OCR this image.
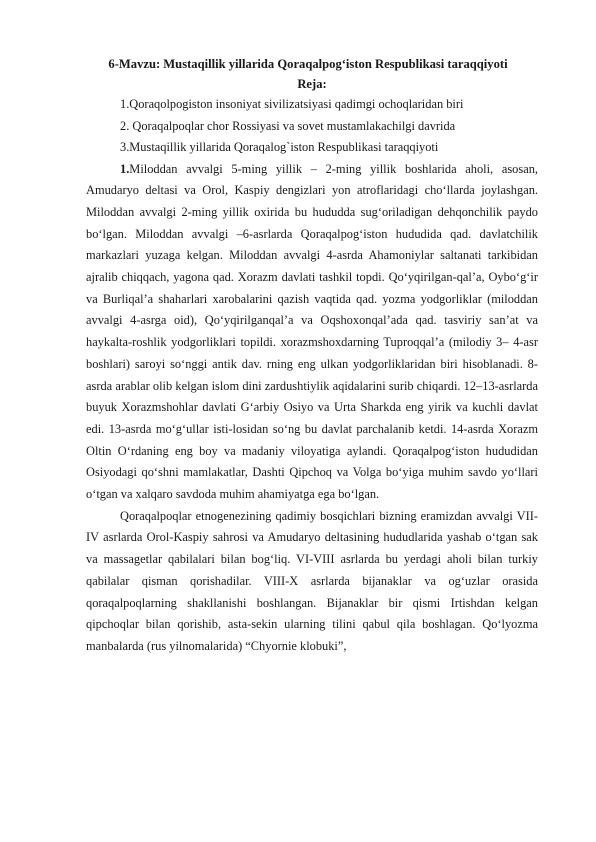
6-Mavzu: Mustaqillik yillarida Qoraqalpog‘iston Respublikasi taraqqiyoti
Reja:
1.Qoraqolpogiston insoniyat sivilizatsiyasi qadimgi ochoqlaridan biri
2. Qoraqalpoqlar chor Rossiyasi va sovet mustamlakachilgi davrida
3.Mustaqillik yillarida Qoraqalog`iston Respublikasi taraqqiyoti

1.Miloddan avvalgi 5-ming yillik – 2-ming yillik boshlarida aholi, asosan, Amudaryo deltasi va Orol, Kaspiy dengizlari yon atroflaridagi cho‘llarda joylashgan. Miloddan avvalgi 2-ming yillik oxirida bu hududda sug‘oriladigan dehqonchilik paydo bo‘lgan. Miloddan avvalgi –6-asrlarda Qoraqalpog‘iston hududida qad. davlatchilik markazlari yuzaga kelgan. Miloddan avvalgi 4-asrda Ahamoniylar saltanati tarkibidan ajralib chiqqach, yagona qad. Xorazm davlati tashkil topdi. Qo‘yqirilgan-qal’a, Oybo‘g‘ir va Burliqal’a shaharlari xarobalarini qazish vaqtida qad. yozma yodgorliklar (miloddan avvalgi 4-asrga oid), Qo‘yqirilganqal’a va Oqshoxonqal’ada qad. tasviriy san’at va haykalta-roshlik yodgorliklari topildi. xorazmshoxdarning Tuproqqal’a (milodiy 3– 4-asr boshlari) saroyi so‘nggi antik dav. rning eng ulkan yodgorliklaridan biri hisoblanadi. 8-asrda arablar olib kelgan islom dini zardushtiylik aqidalarini surib chiqardi. 12–13-asrlarda buyuk Xorazmshohlar davlati G‘arbiy Osiyo va Urta Sharkda eng yirik va kuchli davlat edi. 13-asrda mo‘g‘ullar isti-losidan so‘ng bu davlat parchalanib ketdi. 14-asrda Xorazm Oltin O‘rdaning eng boy va madaniy viloyatiga aylandi. Qoraqalpog‘iston hududidan Osiyodagi qo‘shni mamlakatlar, Dashti Qipchoq va Volga bo‘yiga muhim savdo yo‘llari o‘tgan va xalqaro savdoda muhim ahamiyatga ega bo‘lgan.

Qoraqalpoqlar etnogenezining qadimiy bosqichlari bizning eramizdan avvalgi VII-IV asrlarda Orol-Kaspiy sahrosi va Amudaryo deltasining hududlarida yashab o‘tgan sak va massagetlar qabilalari bilan bog‘liq. VI-VIII asrlarda bu yerdagi aholi bilan turkiy qabilalar qisman qorishadilar. VIII-X asrlarda bijanaklar va og‘uzlar orasida qoraqalpoqlarning shakllanishi boshlangan. Bijanaklar bir qismi Irtishdan kelgan qipchoqlar bilan qorishib, asta-sekin ularning tilini qabul qila boshlagan. Qo‘lyozma manbalarda (rus yilnomalarida) “Chyornie klobuki”,
